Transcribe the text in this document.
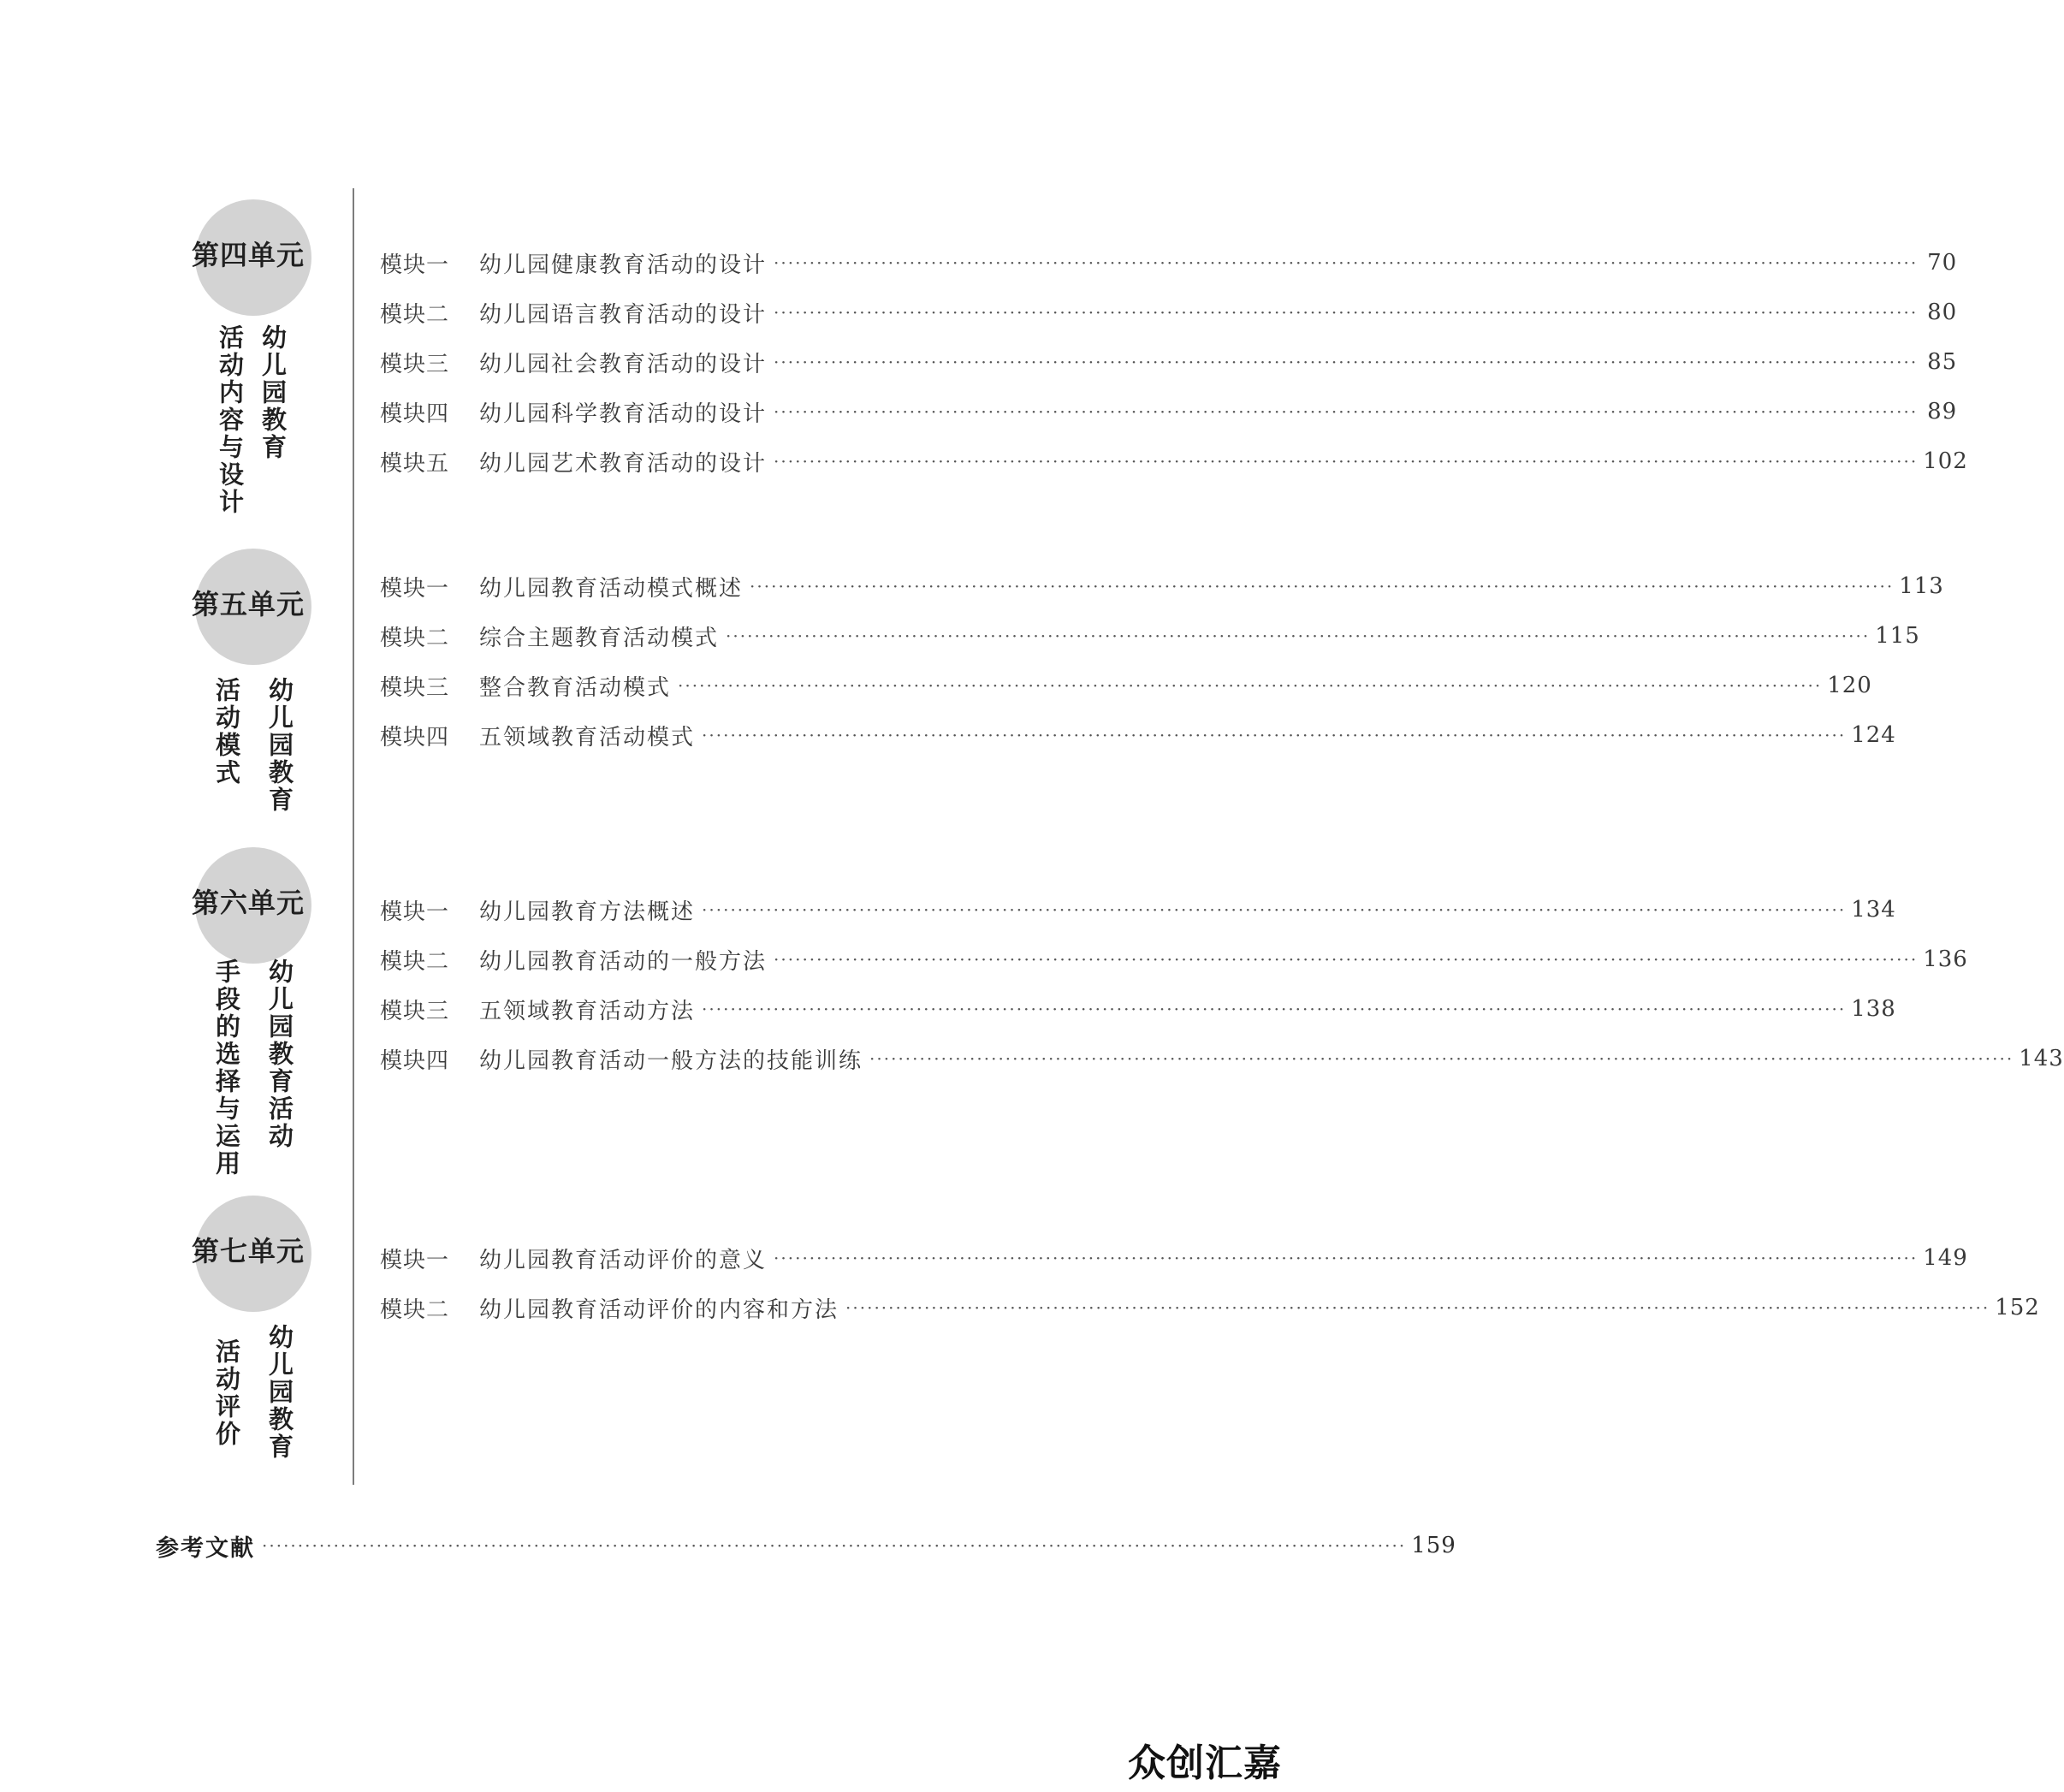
第四单元
幼儿园教育
活动内容与设计
模块一	幼儿园健康教育活动的设计 ································································································································································ 70
模块二	幼儿园语言教育活动的设计 ································································································································································ 80
模块三	幼儿园社会教育活动的设计 ································································································································································ 85
模块四	幼儿园科学教育活动的设计 ································································································································································ 89
模块五	幼儿园艺术教育活动的设计 ································································································································································ 102
第五单元
幼儿园教育
活动模式
模块一	幼儿园教育活动模式概述 ································································································································································ 113
模块二	综合主题教育活动模式 ································································································································································ 115
模块三	整合教育活动模式 ································································································································································ 120
模块四	五领域教育活动模式 ································································································································································ 124
第六单元
幼儿园教育活动
手段的选择与运用
模块一	幼儿园教育方法概述 ································································································································································ 134
模块二	幼儿园教育活动的一般方法 ································································································································································ 136
模块三	五领域教育活动方法 ································································································································································ 138
模块四	幼儿园教育活动一般方法的技能训练 ································································································································································ 143
第七单元
幼儿园教育
活动评价
模块一	幼儿园教育活动评价的意义 ································································································································································ 149
模块二	幼儿园教育活动评价的内容和方法 ································································································································································ 152
参考文献 ································································································································································ 159
众创汇嘉
